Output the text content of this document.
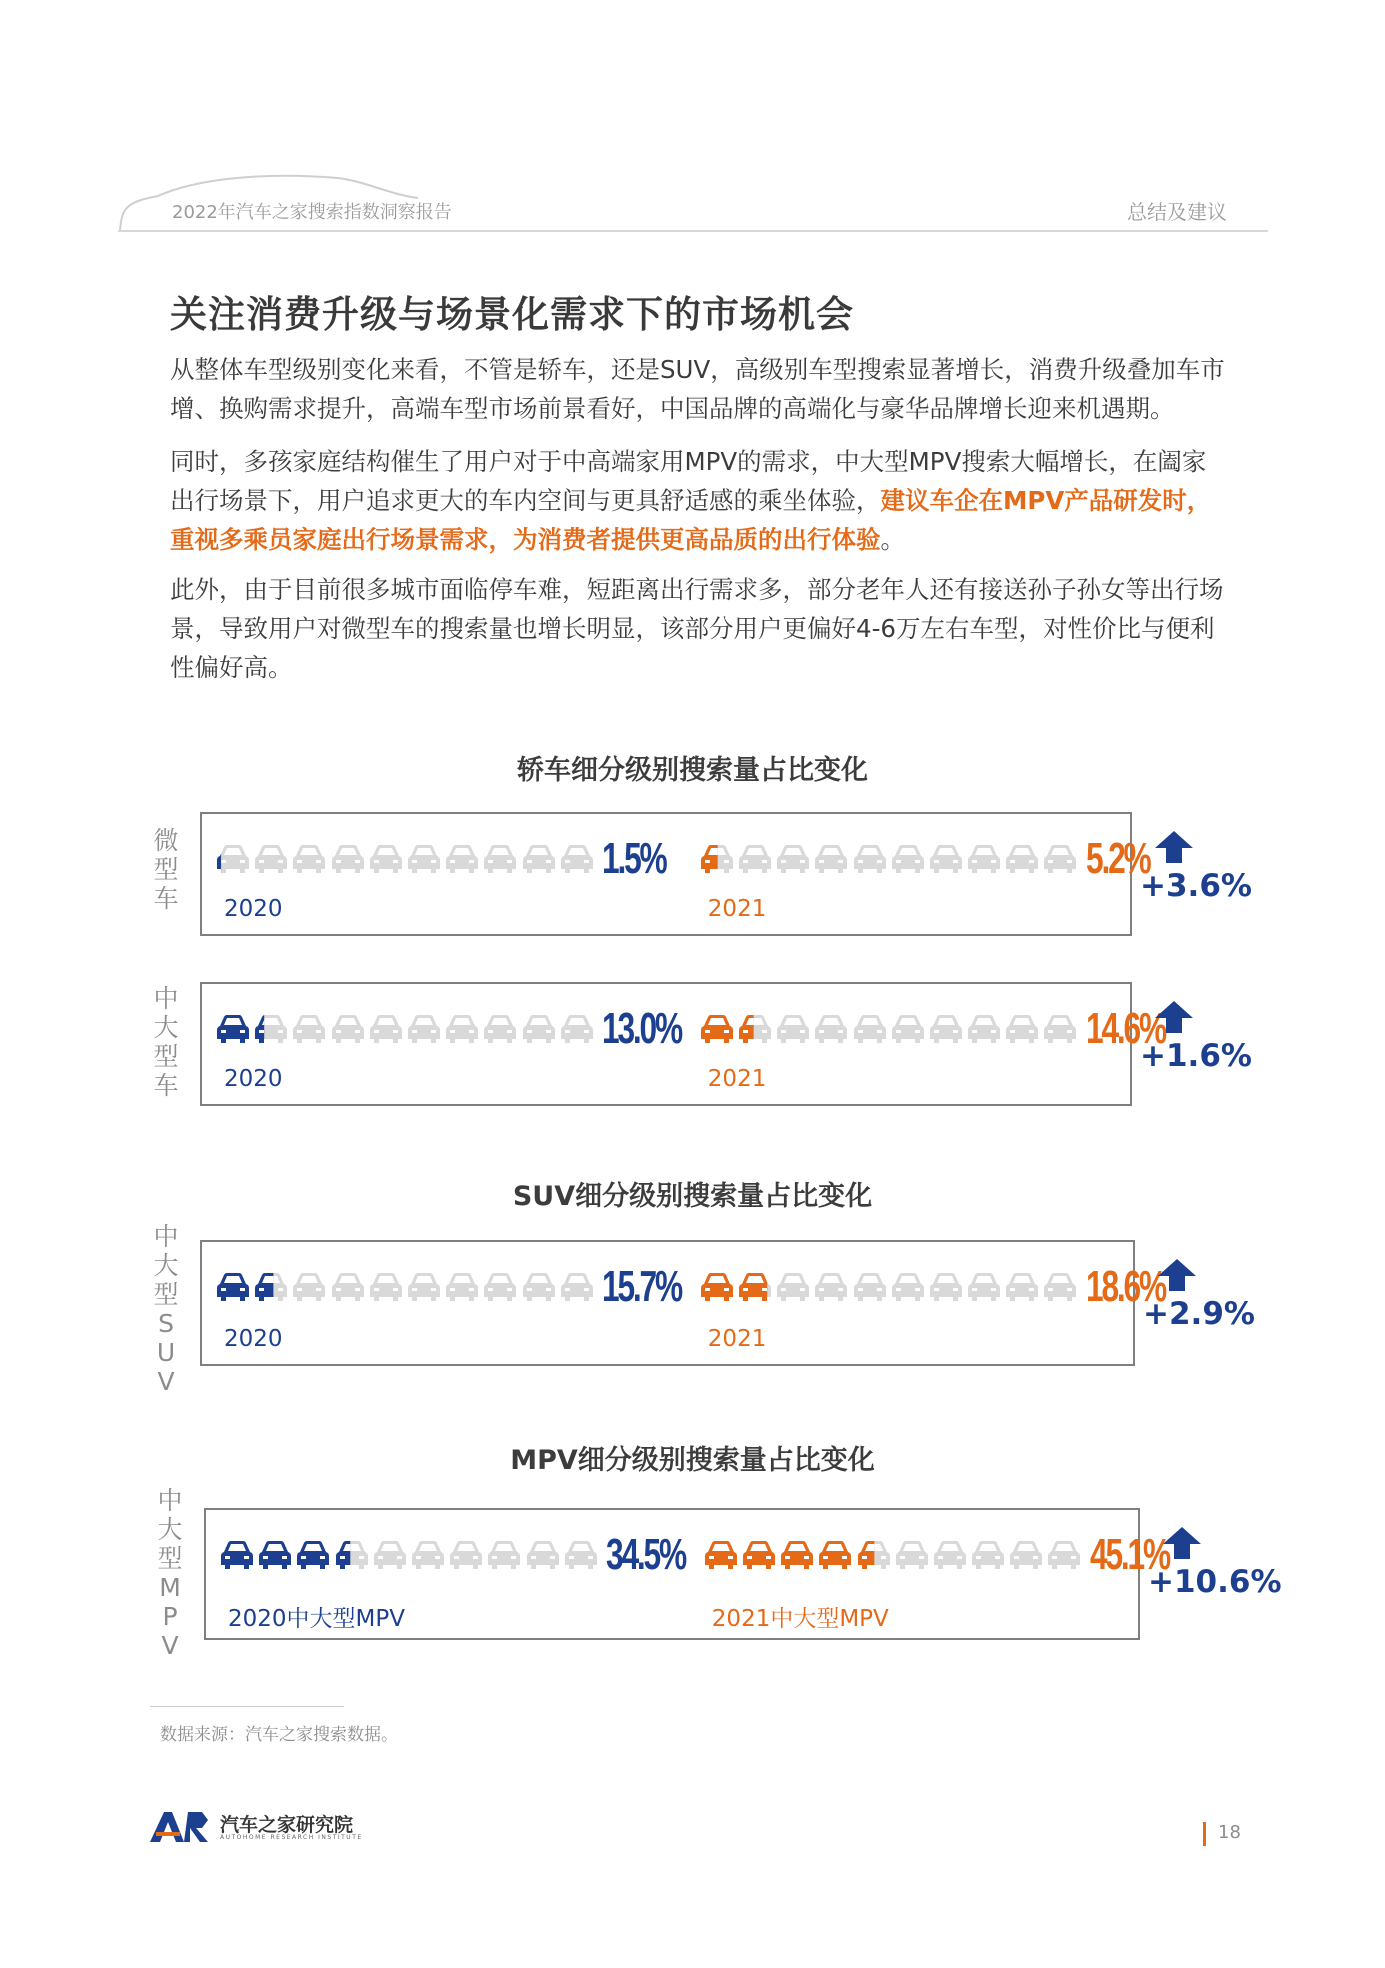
2022年汽车之家搜索指数洞察报告	总结及建议
关注消费升级与场景化需求下的市场机会
从整体车型级别变化来看，不管是轿车，还是SUV，高级别车型搜索显著增长，消费升级叠加车市增、换购需求提升，高端车型市场前景看好，中国品牌的高端化与豪华品牌增长迎来机遇期。
同时，多孩家庭结构催生了用户对于中高端家用MPV的需求，中大型MPV搜索大幅增长，在阖家出行场景下，用户追求更大的车内空间与更具舒适感的乘坐体验，建议车企在MPV产品研发时，重视多乘员家庭出行场景需求，为消费者提供更高品质的出行体验。
此外，由于目前很多城市面临停车难，短距离出行需求多，部分老年人还有接送孙子孙女等出行场景，导致用户对微型车的搜索量也增长明显，该部分用户更偏好4-6万左右车型，对性价比与便利性偏好高。
轿车细分级别搜索量占比变化
SUV细分级别搜索量占比变化
MPV细分级别搜索量占比变化
微
型
车
1.5%
2020
5.2%
2021
+3.6%
中
大
型
车
13.0%
2020
14.6%
2021
+1.6%
中
大
型
S
U
V
15.7%
2020
18.6%
2021
+2.9%
中
大
型
M
P
V
34.5%
2020中大型MPV
45.1%
2021中大型MPV
+10.6%
数据来源：汽车之家搜索数据。
汽车之家研究院
AUTOHOME RESEARCH INSTITUTE	18
